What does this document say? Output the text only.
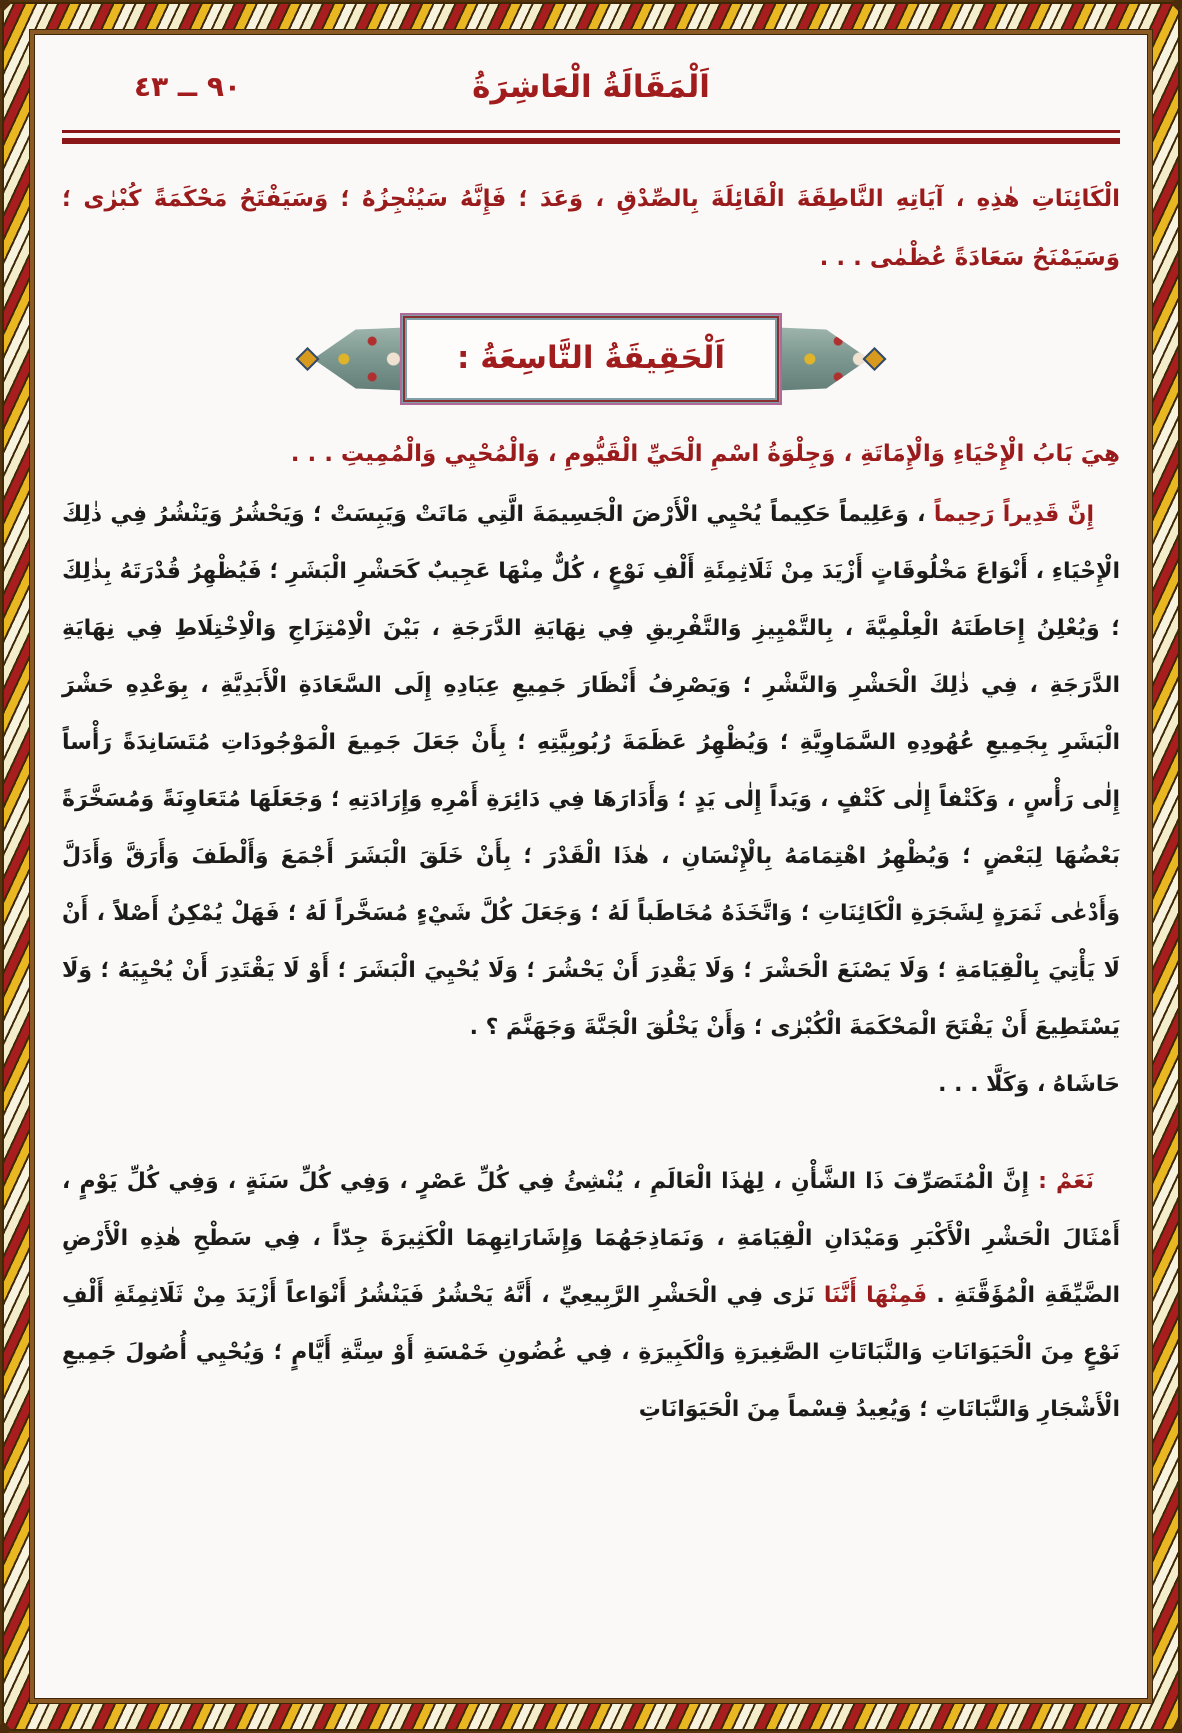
اَلْمَقَالَةُ الْعَاشِرَةُ
٩٠ ــ ٤٣

الْكَائِنَاتِ هٰذِهِ ، آيَاتِهِ النَّاطِقَةَ الْقَائِلَةَ بِالصِّدْقِ ، وَعَدَ ؛ فَإِنَّهُ سَيُنْجِزُهُ ؛ وَسَيَفْتَحُ مَحْكَمَةً كُبْرٰى ؛ وَسَيَمْنَحُ سَعَادَةً عُظْمٰى . . .

اَلْحَقِيقَةُ التَّاسِعَةُ :

هِيَ بَابُ الْإِحْيَاءِ وَالْإِمَاتَةِ ، وَجِلْوَةُ اسْمِ الْحَيِّ الْقَيُّومِ ، وَالْمُحْيِي وَالْمُمِيتِ . . .

إِنَّ قَدِيراً رَحِيماً ، وَعَلِيماً حَكِيماً يُحْيِي الْأَرْضَ الْجَسِيمَةَ الَّتِي مَاتَتْ وَيَبِسَتْ ؛ وَيَحْشُرُ وَيَنْشُرُ فِي ذٰلِكَ الْإِحْيَاءِ ، أَنْوَاعَ مَخْلُوقَاتٍ أَزْيَدَ مِنْ ثَلَاثِمِئَةِ أَلْفِ نَوْعٍ ، كُلٌّ مِنْهَا عَجِيبٌ كَحَشْرِ الْبَشَرِ ؛ فَيُظْهِرُ قُدْرَتَهُ بِذٰلِكَ ؛ وَيُعْلِنُ إِحَاطَتَهُ الْعِلْمِيَّةَ ، بِالتَّمْيِيزِ وَالتَّفْرِيقِ فِي نِهَايَةِ الدَّرَجَةِ ، بَيْنَ الْاِمْتِزَاجِ وَالْاِخْتِلَاطِ فِي نِهَايَةِ الدَّرَجَةِ ، فِي ذٰلِكَ الْحَشْرِ وَالنَّشْرِ ؛ وَيَصْرِفُ أَنْظَارَ جَمِيعِ عِبَادِهِ إِلَى السَّعَادَةِ الْأَبَدِيَّةِ ، بِوَعْدِهِ حَشْرَ الْبَشَرِ بِجَمِيعِ عُهُودِهِ السَّمَاوِيَّةِ ؛ وَيُظْهِرُ عَظَمَةَ رُبُوبِيَّتِهِ ؛ بِأَنْ جَعَلَ جَمِيعَ الْمَوْجُودَاتِ مُتَسَانِدَةً رَأْساً إِلٰى رَأْسٍ ، وَكَتْفاً إِلٰى كَتْفٍ ، وَيَداً إِلٰى يَدٍ ؛ وَأَدَارَهَا فِي دَائِرَةِ أَمْرِهِ وَإِرَادَتِهِ ؛ وَجَعَلَهَا مُتَعَاوِنَةً وَمُسَخَّرَةً بَعْضُهَا لِبَعْضٍ ؛ وَيُظْهِرُ اهْتِمَامَهُ بِالْإِنْسَانِ ، هٰذَا الْقَدْرَ ؛ بِأَنْ خَلَقَ الْبَشَرَ أَجْمَعَ وَأَلْطَفَ وَأَرَقَّ وَأَدَلَّ وَأَدْعٰى ثَمَرَةٍ لِشَجَرَةِ الْكَائِنَاتِ ؛ وَاتَّخَذَهُ مُخَاطَباً لَهُ ؛ وَجَعَلَ كُلَّ شَيْءٍ مُسَخَّراً لَهُ ؛ فَهَلْ يُمْكِنُ أَصْلاً ، أَنْ لَا يَأْتِيَ بِالْقِيَامَةِ ؛ وَلَا يَصْنَعَ الْحَشْرَ ؛ وَلَا يَقْدِرَ أَنْ يَحْشُرَ ؛ وَلَا يُحْيِيَ الْبَشَرَ ؛ أَوْ لَا يَقْتَدِرَ أَنْ يُحْيِيَهُ ؛ وَلَا يَسْتَطِيعَ أَنْ يَفْتَحَ الْمَحْكَمَةَ الْكُبْرٰى ؛ وَأَنْ يَخْلُقَ الْجَنَّةَ وَجَهَنَّمَ ؟ .

حَاشَاهُ ، وَكَلَّا . . .

نَعَمْ : إِنَّ الْمُتَصَرِّفَ ذَا الشَّأْنِ ، لِهٰذَا الْعَالَمِ ، يُنْشِئُ فِي كُلِّ عَصْرٍ ، وَفِي كُلِّ سَنَةٍ ، وَفِي كُلِّ يَوْمٍ ، أَمْثَالَ الْحَشْرِ الْأَكْبَرِ وَمَيْدَانِ الْقِيَامَةِ ، وَنَمَاذِجَهُمَا وَإِشَارَاتِهِمَا الْكَثِيرَةَ جِدّاً ، فِي سَطْحِ هٰذِهِ الْأَرْضِ الضَّيِّقَةِ الْمُؤَقَّتَةِ . فَمِنْهَا أَنَّنَا نَرٰى فِي الْحَشْرِ الرَّبِيعِيِّ ، أَنَّهُ يَحْشُرُ فَيَنْشُرُ أَنْوَاعاً أَزْيَدَ مِنْ ثَلَاثِمِئَةِ أَلْفِ نَوْعٍ مِنَ الْحَيَوَانَاتِ وَالنَّبَاتَاتِ الصَّغِيرَةِ وَالْكَبِيرَةِ ، فِي غُضُونِ خَمْسَةِ أَوْ سِتَّةِ أَيَّامٍ ؛ وَيُحْيِي أُصُولَ جَمِيعِ الْأَشْجَارِ وَالنَّبَاتَاتِ ؛ وَيُعِيدُ قِسْماً مِنَ الْحَيَوَانَاتِ
